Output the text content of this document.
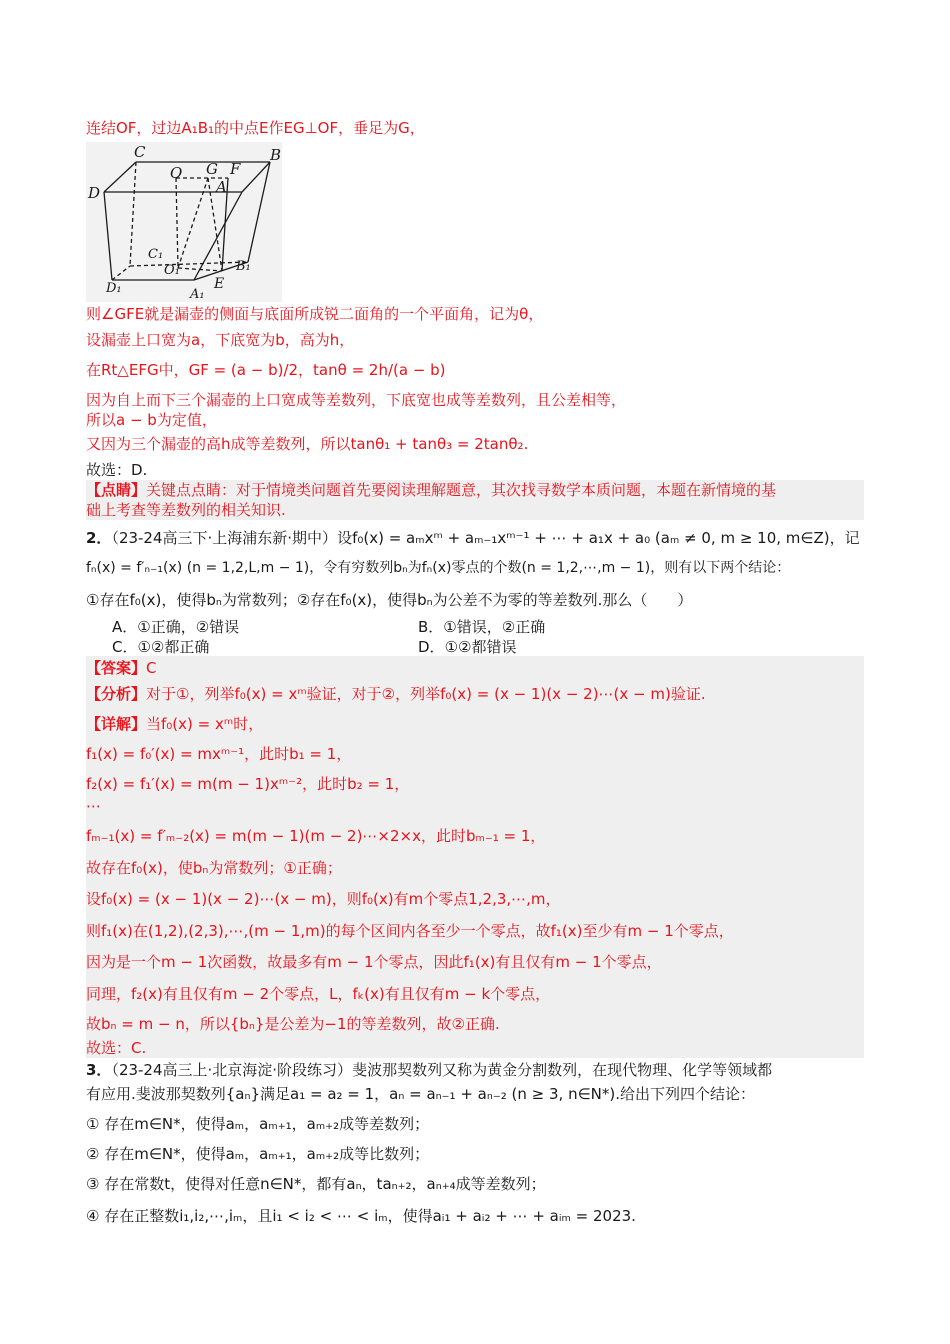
连结OF，过边A₁B₁的中点E作EG⊥OF，垂足为G，
C	B
O G F
A
D
C₁
O₁	B₁
D₁	E
A₁
则∠GFE就是漏壶的侧面与底面所成锐二面角的一个平面角，记为θ，
设漏壶上口宽为a，下底宽为b，高为h，
在Rt△EFG中，GF = (a − b)/2，tanθ = 2h/(a − b)
因为自上而下三个漏壶的上口宽成等差数列，下底宽也成等差数列，且公差相等，
所以a − b为定值，
又因为三个漏壶的高h成等差数列，所以tanθ₁ + tanθ₃ = 2tanθ₂.
故选：D.
【点睛】关键点点睛：对于情境类问题首先要阅读理解题意，其次找寻数学本质问题，本题在新情境的基
础上考查等差数列的相关知识.
2．（23-24高三下·上海浦东新·期中）设f₀(x) = aₘxᵐ + aₘ₋₁xᵐ⁻¹ + ⋯ + a₁x + a₀ (aₘ ≠ 0, m ≥ 10, m∈Z)，记
fₙ(x) = f′ₙ₋₁(x) (n = 1,2,L,m − 1)，令有穷数列bₙ为fₙ(x)零点的个数(n = 1,2,⋯,m − 1)，则有以下两个结论：
①存在f₀(x)，使得bₙ为常数列；②存在f₀(x)，使得bₙ为公差不为零的等差数列.那么（　　）
A．①正确，②错误	B．①错误，②正确
C．①②都正确	D．①②都错误
【答案】C
【分析】对于①，列举f₀(x) = xᵐ验证，对于②，列举f₀(x) = (x − 1)(x − 2)⋯(x − m)验证.
【详解】当f₀(x) = xᵐ时，
f₁(x) = f₀′(x) = mxᵐ⁻¹，此时b₁ = 1，
f₂(x) = f₁′(x) = m(m − 1)xᵐ⁻²，此时b₂ = 1，
⋯
fₘ₋₁(x) = f′ₘ₋₂(x) = m(m − 1)(m − 2)⋯×2×x，此时bₘ₋₁ = 1，
故存在f₀(x)，使bₙ为常数列；①正确；
设f₀(x) = (x − 1)(x − 2)⋯(x − m)，则f₀(x)有m个零点1,2,3,⋯,m，
则f₁(x)在(1,2),(2,3),⋯,(m − 1,m)的每个区间内各至少一个零点，故f₁(x)至少有m − 1个零点，
因为是一个m − 1次函数，故最多有m − 1个零点，因此f₁(x)有且仅有m − 1个零点，
同理，f₂(x)有且仅有m − 2个零点，L，fₖ(x)有且仅有m − k个零点，
故bₙ = m − n，所以{bₙ}是公差为−1的等差数列，故②正确.
故选：C.
3．（23-24高三上·北京海淀·阶段练习）斐波那契数列又称为黄金分割数列，在现代物理、化学等领域都
有应用.斐波那契数列{aₙ}满足a₁ = a₂ = 1，aₙ = aₙ₋₁ + aₙ₋₂ (n ≥ 3, n∈N*).给出下列四个结论：
① 存在m∈N*，使得aₘ，aₘ₊₁，aₘ₊₂成等差数列；
② 存在m∈N*，使得aₘ，aₘ₊₁，aₘ₊₂成等比数列；
③ 存在常数t，使得对任意n∈N*，都有aₙ，taₙ₊₂，aₙ₊₄成等差数列；
④ 存在正整数i₁,i₂,⋯,iₘ，且i₁ < i₂ < ⋯ < iₘ，使得aᵢ₁ + aᵢ₂ + ⋯ + aᵢₘ = 2023.
